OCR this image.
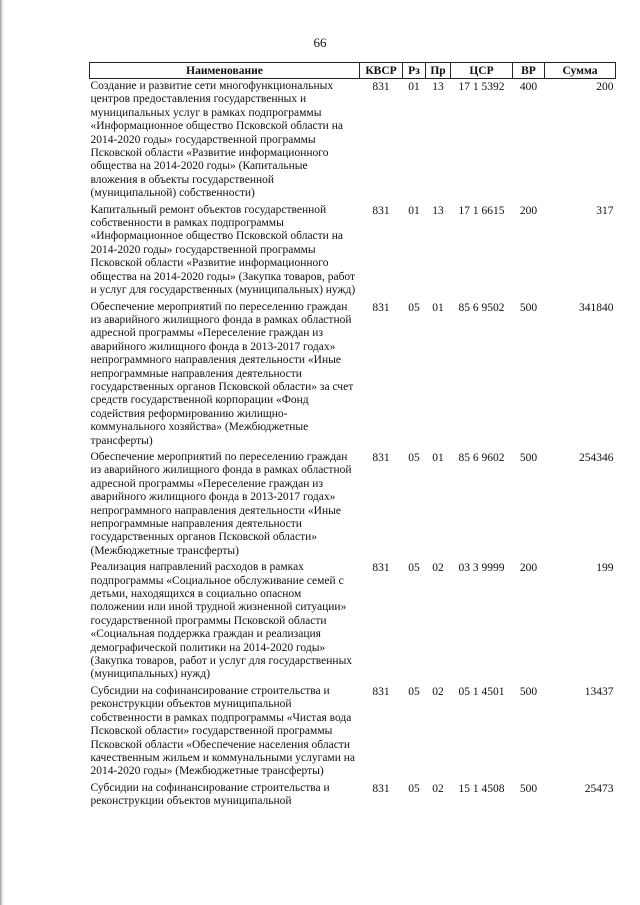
66
Наименование	КВСР	Рз	Пр	ЦСР	ВР	Сумма
Создание и развитие сети многофункциональных центров предоставления государственных и муниципальных услуг в рамках подпрограммы «Информационное общество Псковской области на 2014-2020 годы» государственной программы Псковской области «Развитие информационного общества на 2014-2020 годы» (Капитальные вложения в объекты государственной (муниципальной) собственности)	831	01	13	17 1 5392	400	200
Капитальный ремонт объектов государственной собственности в рамках подпрограммы «Информационное общество Псковской области на 2014-2020 годы» государственной программы Псковской области «Развитие информационного общества на 2014-2020 годы» (Закупка товаров, работ и услуг для государственных (муниципальных) нужд)	831	01	13	17 1 6615	200	317
Обеспечение мероприятий по переселению граждан из аварийного жилищного фонда в рамках областной адресной программы «Переселение граждан из аварийного жилищного фонда в 2013-2017 годах» непрограммного направления деятельности «Иные непрограммные направления деятельности государственных органов Псковской области» за счет средств государственной корпорации «Фонд содействия реформированию жилищно-коммунального хозяйства» (Межбюджетные трансферты)	831	05	01	85 6 9502	500	341840
Обеспечение мероприятий по переселению граждан из аварийного жилищного фонда в рамках областной адресной программы «Переселение граждан из аварийного жилищного фонда в 2013-2017 годах» непрограммного направления деятельности «Иные непрограммные направления деятельности государственных органов Псковской области» (Межбюджетные трансферты)	831	05	01	85 6 9602	500	254346
Реализация направлений расходов в рамках подпрограммы «Социальное обслуживание семей с детьми, находящихся в социально опасном положении или иной трудной жизненной ситуации» государственной программы Псковской области «Социальная поддержка граждан и реализация демографической политики на 2014-2020 годы» (Закупка товаров, работ и услуг для государственных (муниципальных) нужд)	831	05	02	03 3 9999	200	199
Субсидии на софинансирование строительства и реконструкции объектов муниципальной собственности в рамках подпрограммы «Чистая вода Псковской области» государственной программы Псковской области «Обеспечение населения области качественным жильем и коммунальными услугами на 2014-2020 годы» (Межбюджетные трансферты)	831	05	02	05 1 4501	500	13437
Субсидии на софинансирование строительства и реконструкции объектов муниципальной	831	05	02	15 1 4508	500	25473
